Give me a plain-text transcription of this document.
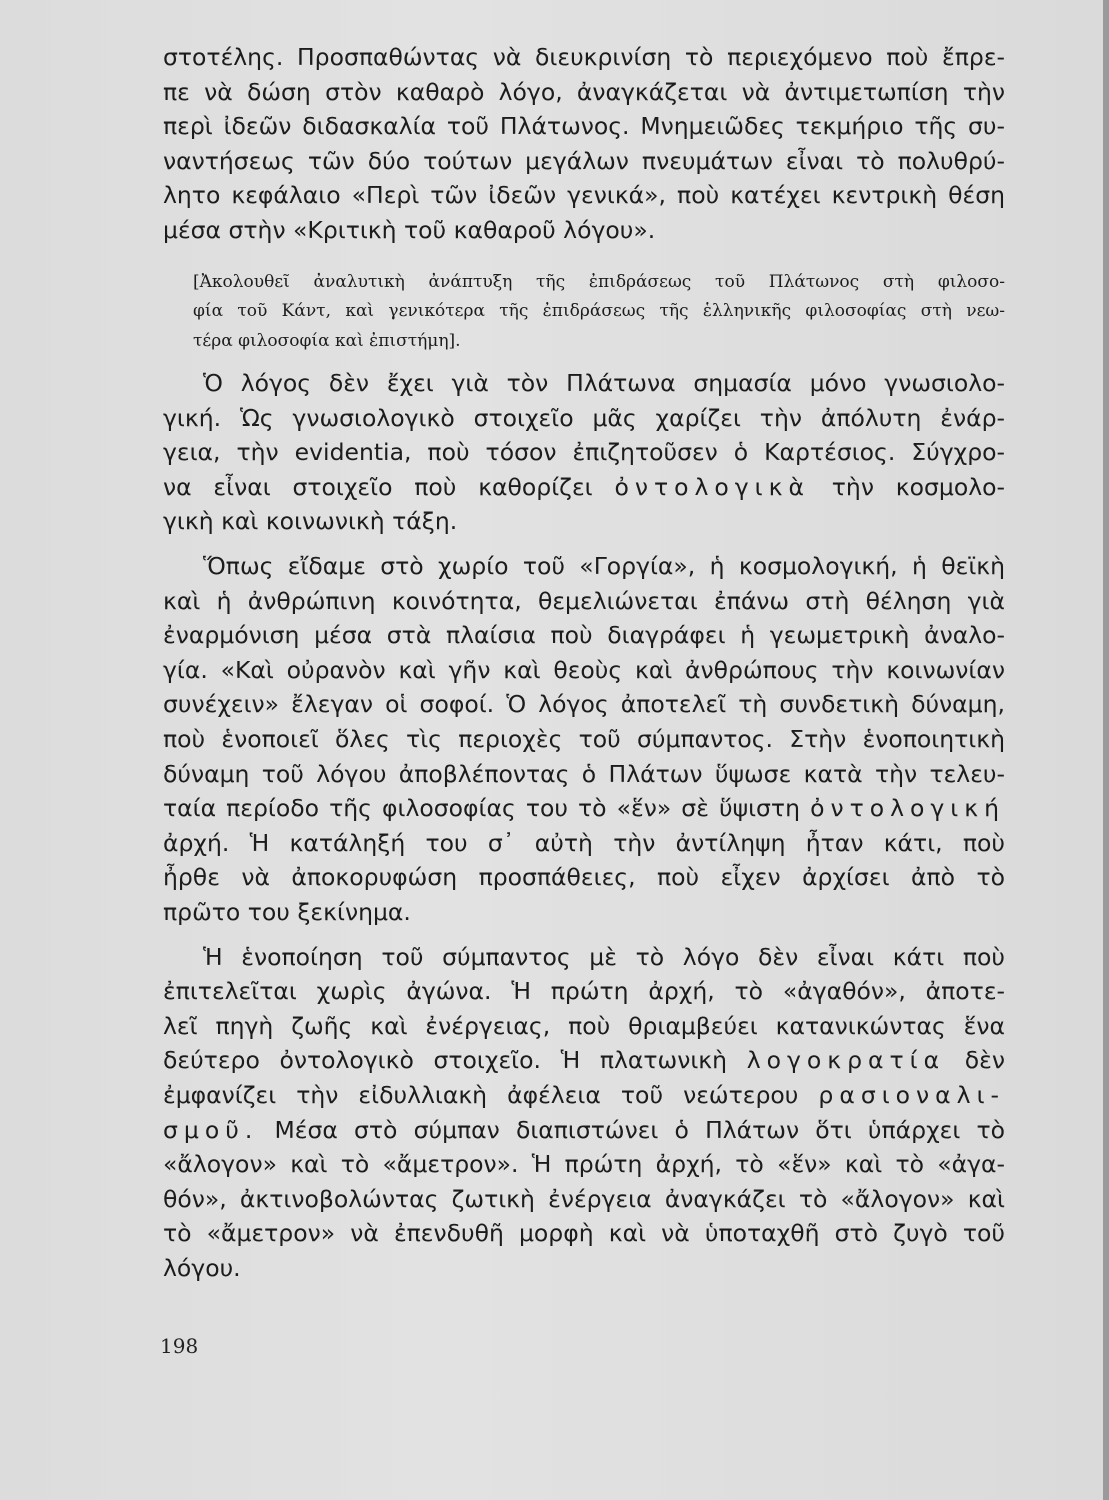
στοτέλης. Προσπαθώντας νὰ διευκρινίση τὸ περιεχόμενο ποὺ ἔπρε-
πε νὰ δώση στὸν καθαρὸ λόγο, ἀναγκάζεται νὰ ἀντιμετωπίση τὴν
περὶ ἰδεῶν διδασκαλία τοῦ Πλάτωνος. Μνημειῶδες τεκμήριο τῆς συ-
ναντήσεως τῶν δύο τούτων μεγάλων πνευμάτων εἶναι τὸ πολυθρύ-
λητο κεφάλαιο «Περὶ τῶν ἰδεῶν γενικά», ποὺ κατέχει κεντρικὴ θέση
μέσα στὴν «Κριτικὴ τοῦ καθαροῦ λόγου».

[Ἀκολουθεῖ ἀναλυτικὴ ἀνάπτυξη τῆς ἐπιδράσεως τοῦ Πλάτωνος στὴ φιλοσο-
φία τοῦ Κάντ, καὶ γενικότερα τῆς ἐπιδράσεως τῆς ἑλληνικῆς φιλοσοφίας στὴ νεω-
τέρα φιλοσοφία καὶ ἐπιστήμη].

Ὁ λόγος δὲν ἔχει γιὰ τὸν Πλάτωνα σημασία μόνο γνωσιολο-
γική. Ὡς γνωσιολογικὸ στοιχεῖο μᾶς χαρίζει τὴν ἀπόλυτη ἐνάρ-
γεια, τὴν evidentia, ποὺ τόσον ἐπιζητοῦσεν ὁ Καρτέσιος. Σύγχρο-
να εἶναι στοιχεῖο ποὺ καθορίζει ὀντολογικὰ τὴν κοσμολο-
γικὴ καὶ κοινωνικὴ τάξη.

Ὅπως εἴδαμε στὸ χωρίο τοῦ «Γοργία», ἡ κοσμολογική, ἡ θεϊκὴ
καὶ ἡ ἀνθρώπινη κοινότητα, θεμελιώνεται ἐπάνω στὴ θέληση γιὰ
ἐναρμόνιση μέσα στὰ πλαίσια ποὺ διαγράφει ἡ γεωμετρικὴ ἀναλο-
γία. «Καὶ οὐρανὸν καὶ γῆν καὶ θεοὺς καὶ ἀνθρώπους τὴν κοινωνίαν
συνέχειν» ἔλεγαν οἱ σοφοί. Ὁ λόγος ἀποτελεῖ τὴ συνδετικὴ δύναμη,
ποὺ ἑνοποιεῖ ὅλες τὶς περιοχὲς τοῦ σύμπαντος. Στὴν ἑνοποιητικὴ
δύναμη τοῦ λόγου ἀποβλέποντας ὁ Πλάτων ὕψωσε κατὰ τὴν τελευ-
ταία περίοδο τῆς φιλοσοφίας του τὸ «ἕν» σὲ ὕψιστη ὀντολογική
ἀρχή. Ἡ κατάληξή του σ᾽ αὐτὴ τὴν ἀντίληψη ἦταν κάτι, ποὺ
ἦρθε νὰ ἀποκορυφώση προσπάθειες, ποὺ εἶχεν ἀρχίσει ἀπὸ τὸ
πρῶτο του ξεκίνημα.

Ἡ ἑνοποίηση τοῦ σύμπαντος μὲ τὸ λόγο δὲν εἶναι κάτι ποὺ
ἐπιτελεῖται χωρὶς ἀγώνα. Ἡ πρώτη ἀρχή, τὸ «ἀγαθόν», ἀποτε-
λεῖ πηγὴ ζωῆς καὶ ἐνέργειας, ποὺ θριαμβεύει κατανικώντας ἕνα
δεύτερο ὀντολογικὸ στοιχεῖο. Ἡ πλατωνικὴ λογοκρατία δὲν
ἐμφανίζει τὴν εἰδυλλιακὴ ἀφέλεια τοῦ νεώτερου ρασιοναλι-
σμοῦ. Μέσα στὸ σύμπαν διαπιστώνει ὁ Πλάτων ὅτι ὑπάρχει τὸ
«ἄλογον» καὶ τὸ «ἄμετρον». Ἡ πρώτη ἀρχή, τὸ «ἕν» καὶ τὸ «ἀγα-
θόν», ἀκτινοβολώντας ζωτικὴ ἐνέργεια ἀναγκάζει τὸ «ἄλογον» καὶ
τὸ «ἄμετρον» νὰ ἐπενδυθῆ μορφὴ καὶ νὰ ὑποταχθῆ στὸ ζυγὸ τοῦ
λόγου.

198
